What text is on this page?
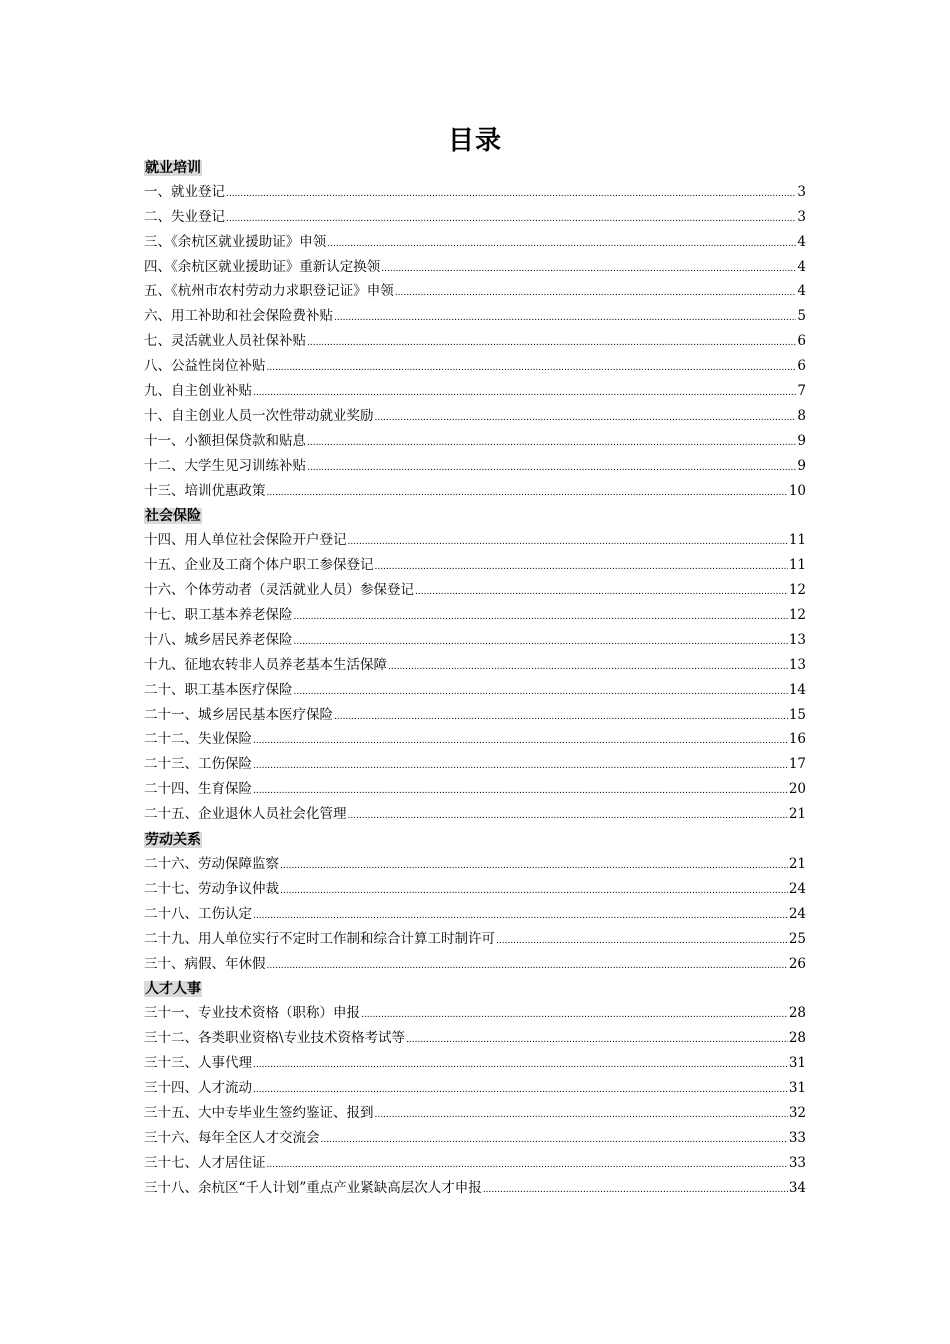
目录
就业培训
一、就业登记 .....	3
二、失业登记 .....	3
三、《余杭区就业援助证》申领 .....	4
四、《余杭区就业援助证》重新认定换领 .....	4
五、《杭州市农村劳动力求职登记证》申领 .....	4
六、用工补助和社会保险费补贴 .....	5
七、灵活就业人员社保补贴 .....	6
八、公益性岗位补贴 .....	6
九、自主创业补贴 .....	7
十、自主创业人员一次性带动就业奖励 .....	8
十一、小额担保贷款和贴息 .....	9
十二、大学生见习训练补贴 .....	9
十三、培训优惠政策 .....	10
社会保险
十四、用人单位社会保险开户登记 .....	11
十五、企业及工商个体户职工参保登记 .....	11
十六、个体劳动者（灵活就业人员）参保登记 .....	12
十七、职工基本养老保险 .....	12
十八、城乡居民养老保险 .....	13
十九、征地农转非人员养老基本生活保障 .....	13
二十、职工基本医疗保险 .....	14
二十一、城乡居民基本医疗保险 .....	15
二十二、失业保险 .....	16
二十三、工伤保险 .....	17
二十四、生育保险 .....	20
二十五、企业退休人员社会化管理 .....	21
劳动关系
二十六、劳动保障监察 .....	21
二十七、劳动争议仲裁 .....	24
二十八、工伤认定 .....	24
二十九、用人单位实行不定时工作制和综合计算工时制许可 .....	25
三十、病假、年休假 .....	26
人才人事
三十一、专业技术资格（职称）申报 .....	28
三十二、各类职业资格\专业技术资格考试等 .....	28
三十三、人事代理 .....	31
三十四、人才流动 .....	31
三十五、大中专毕业生签约鉴证、报到 .....	32
三十六、每年全区人才交流会 .....	33
三十七、人才居住证 .....	33
三十八、余杭区“千人计划”重点产业紧缺高层次人才申报 .....	34
